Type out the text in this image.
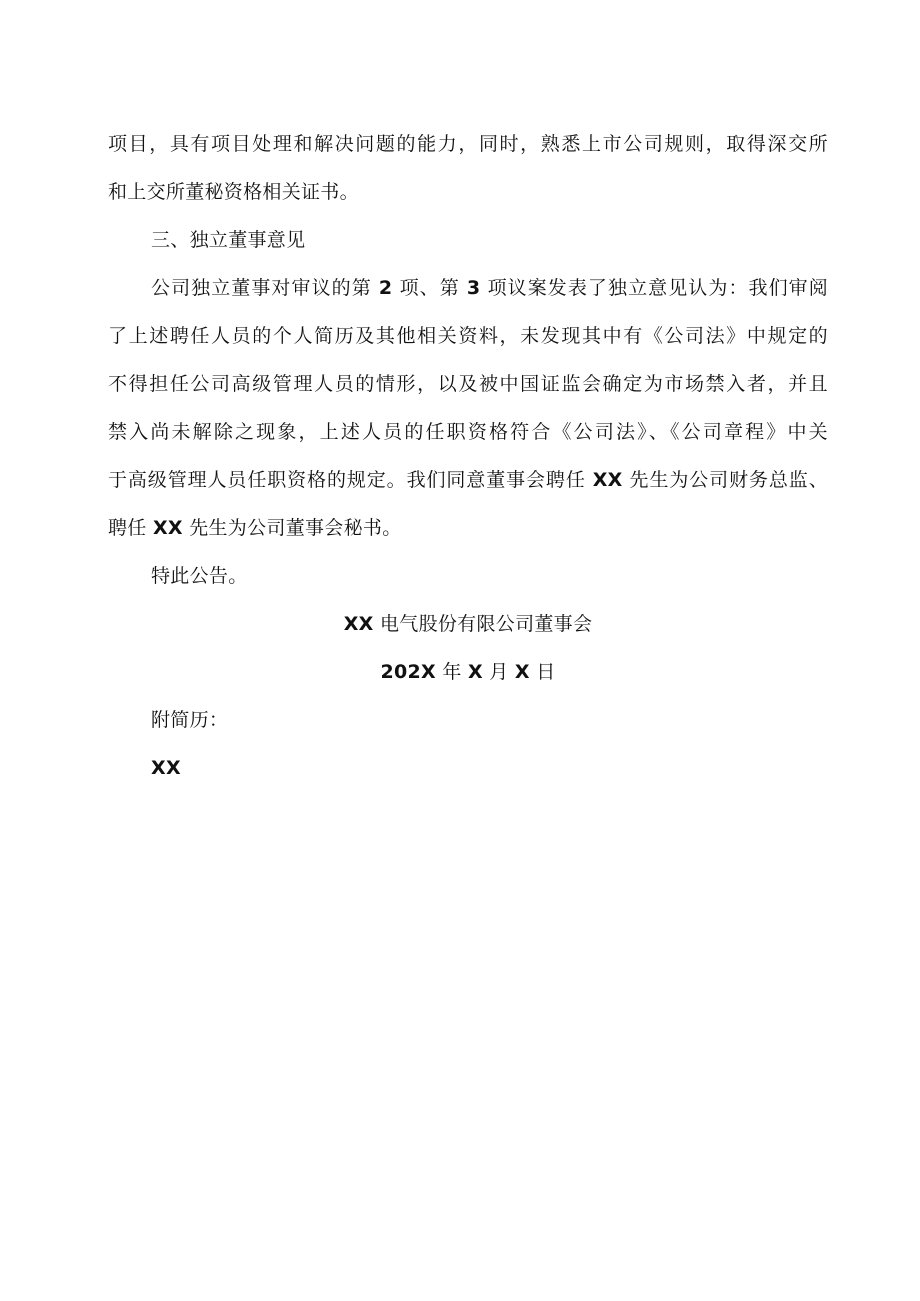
项目，具有项目处理和解决问题的能力，同时，熟悉上市公司规则，取得深交所
和上交所董秘资格相关证书。

三、独立董事意见

公司独立董事对审议的第 2 项、第 3 项议案发表了独立意见认为：我们审阅
了上述聘任人员的个人简历及其他相关资料，未发现其中有《公司法》中规定的
不得担任公司高级管理人员的情形，以及被中国证监会确定为市场禁入者，并且
禁入尚未解除之现象，上述人员的任职资格符合《公司法》、《公司章程》中关
于高级管理人员任职资格的规定。我们同意董事会聘任 XX 先生为公司财务总监、
聘任 XX 先生为公司董事会秘书。

特此公告。

XX 电气股份有限公司董事会

202X 年 X 月 X 日

附简历：

XX
